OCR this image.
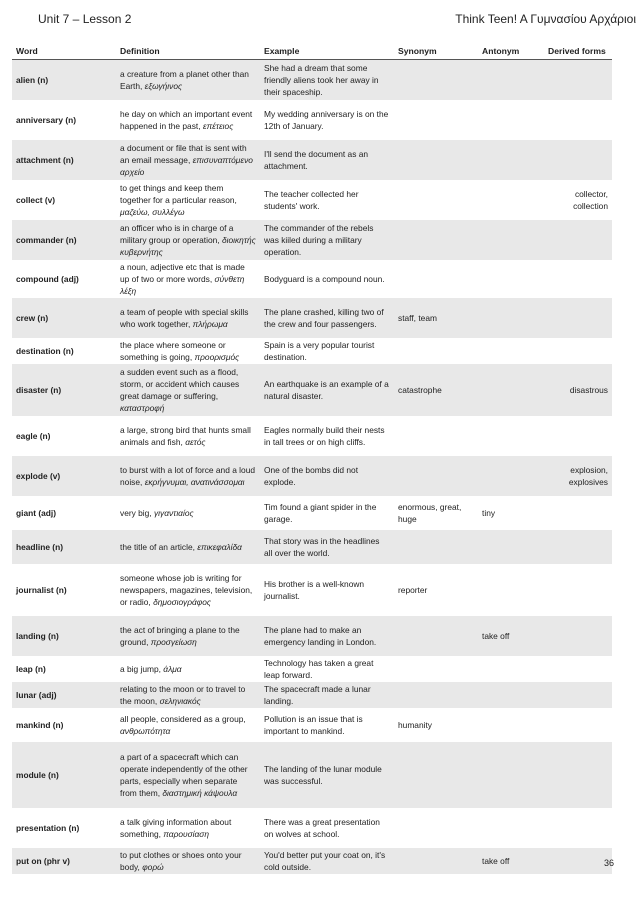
Unit 7 – Lesson 2	Think Teen! A Γυμνασίου Αρχάριοι
Word	Definition	Example	Synonym	Antonym	Derived forms
alien (n)	a creature from a planet other than Earth, εξωγήινος	She had a dream that some friendly aliens took her away in their spaceship.			
anniversary (n)	he day on which an important event happened in the past, επέτειος	My wedding anniversary is on the 12th of January.			
attachment (n)	a document or file that is sent with an email message, επισυναπτόμενο αρχείο	I'll send the document as an attachment.			
collect (v)	to get things and keep them together for a particular reason, μαζεύω, συλλέγω	The teacher collected her students' work.			collector, collection
commander (n)	an officer who is in charge of a military group or operation, διοικητής κυβερνήτης	The commander of the rebels was kiiled during a military operation.			
compound (adj)	a noun, adjective etc that is made up of two or more words, σύνθετη λέξη	Bodyguard is a compound noun.			
crew (n)	a team of people with special skills who work together, πλήρωμα	The plane crashed, killing two of the crew and four passengers.	staff, team		
destination (n)	the place where someone or something is going, προορισμός	Spain is a very popular tourist destination.			
disaster (n)	a sudden event such as a flood, storm, or accident which causes great damage or suffering, καταστροφή	An earthquake is an example of a natural disaster.	catastrophe		disastrous
eagle (n)	a large, strong bird that hunts small animals and fish, αετός	Eagles normally build their nests in tall trees or on high cliffs.			
explode (v)	to burst with a lot of force and a loud noise, εκρήγνυμαι, ανατινάσσομαι	One of the bombs did not explode.			explosion, explosives
giant (adj)	very big, γιγαντιαίος	Tim found a giant spider in the garage.	enormous, great, huge	tiny	
headline (n)	the title of an article, επικεφαλίδα	That story was in the headlines all over the world.			
journalist (n)	someone whose job is writing for newspapers, magazines, television, or radio, δημοσιογράφος	His brother is a well-known journalist.	reporter		
landing (n)	the act of bringing a plane to the ground, προσγείωση	The plane had to make an emergency landing in London.		take off	
leap (n)	a big jump, άλμα	Technology has taken a great leap forward.			
lunar (adj)	relating to the moon or to travel to the moon, σεληνιακός	The spacecraft made a lunar landing.			
mankind (n)	all people, considered as a group, ανθρωπότητα	Pollution is an issue that is important to mankind.	humanity		
module (n)	a part of a spacecraft which can operate independently of the other parts, especially when separate from them, διαστημική κάψουλα	The landing of the lunar module was successful.			
presentation (n)	a talk giving information about something, παρουσίαση	There was a great presentation on wolves at school.			
put on (phr v)	to put clothes or shoes onto your body, φορώ	You'd better put your coat on, it's cold outside.		take off		36
